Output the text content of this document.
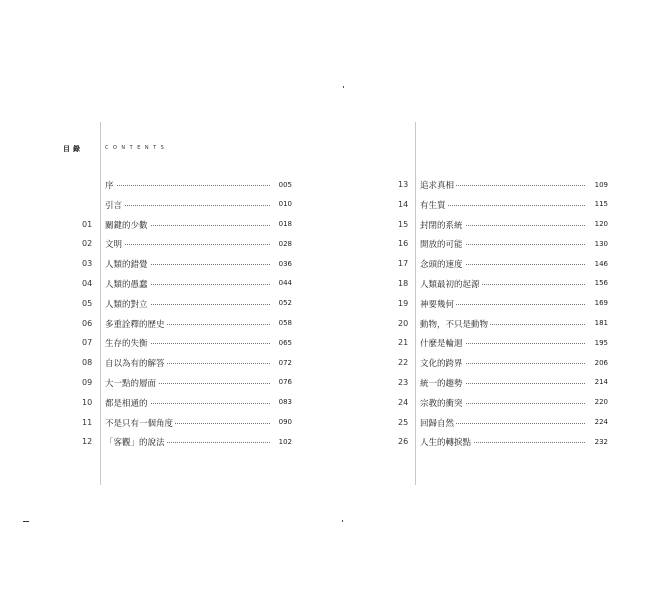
目錄	CONTENTS
序	005
引言	010
01 關鍵的少數	018
02 文明	028
03 人類的錯覺	036
04 人類的愚蠢	044
05 人類的對立	052
06 多重詮釋的歷史	058
07 生存的失衡	065
08 自以為有的解答	072
09 大一點的層面	076
10 都是相通的	083
11 不是只有一個角度	090
12 「客觀」的說法	102
13 追求真相	109
14 有生質	115
15 封閉的系統	120
16 開放的可能	130
17 念頭的速度	146
18 人類最初的起源	156
19 神要幾何	169
20 動物，不只是動物	181
21 什麼是輪迴	195
22 文化的跨界	206
23 統一的趨勢	214
24 宗教的衝突	220
25 回歸自然	224
26 人生的轉捩點	232
